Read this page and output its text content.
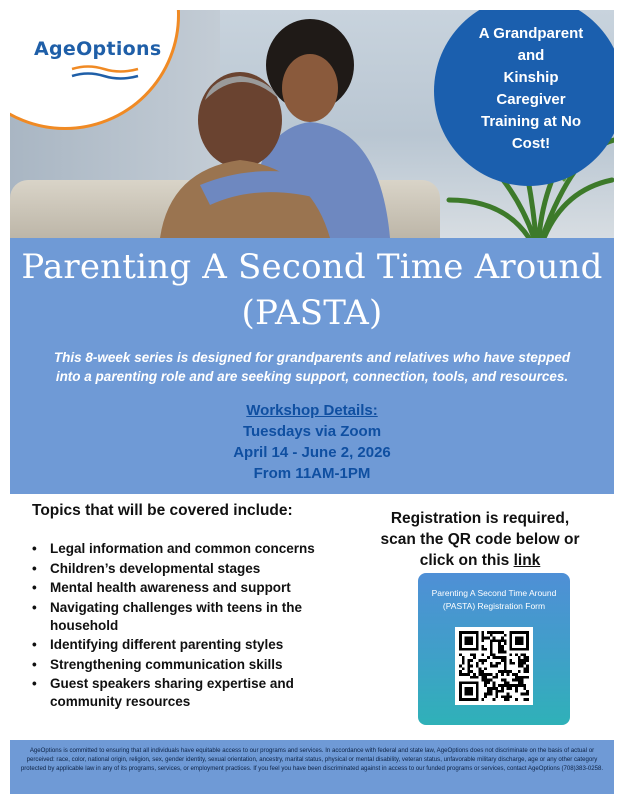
AgeOptions
A Grandparent and
Kinship Caregiver
Training at No
Cost!
Parenting A Second Time Around
(PASTA)

This 8-week series is designed for grandparents and relatives who have stepped into a parenting role and are seeking support, connection, tools, and resources.

Workshop Details:
Tuesdays via Zoom
April 14 - June 2, 2026
From 11AM-1PM
Topics that will be covered include:
• Legal information and common concerns
• Children’s developmental stages
• Mental health awareness and support
• Navigating challenges with teens in the household
• Identifying different parenting styles
• Strengthening communication skills
• Guest speakers sharing expertise and community resources
Registration is required,
scan the QR code below or
click on this link
Parenting A Second Time Around (PASTA) Registration Form

AgeOptions is committed to ensuring that all individuals have equitable access to our programs and services. In accordance with federal and state law, AgeOptions does not discriminate on the basis of actual or perceived: race, color, national origin, religion, sex, gender identity, sexual orientation, ancestry, marital status, physical or mental disability, veteran status, unfavorable military discharge, age or any other category protected by applicable law in any of its programs, services, or employment practices. If you feel you have been discriminated against in access to our funded programs or services, contact AgeOptions (708)383-0258.
